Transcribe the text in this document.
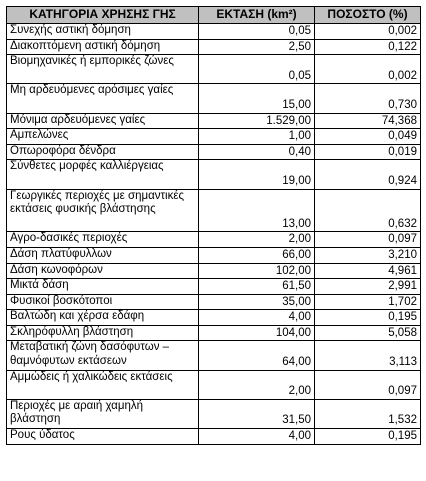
ΚΑΤΗΓΟΡΙΑ ΧΡΗΣΗΣ ΓΗΣ	ΕΚΤΑΣΗ (km²)	ΠΟΣΟΣΤΟ (%)
Συνεχής αστική δόμηση	0,05	0,002
Διακοπτόμενη αστική δόμηση	2,50	0,122
Βιομηχανικές ή εμπορικές ζώνες	0,05	0,002
Μη αρδευόμενες αρόσιμες γαίες	15,00	0,730
Μόνιμα αρδευόμενες γαίες	1.529,00	74,368
Αμπελώνες	1,00	0,049
Οπωροφόρα δένδρα	0,40	0,019
Σύνθετες μορφές καλλιέργειας	19,00	0,924
Γεωργικές περιοχές με σημαντικές εκτάσεις φυσικής βλάστησης	13,00	0,632
Αγρο-δασικές περιοχές	2,00	0,097
Δάση πλατύφυλλων	66,00	3,210
Δάση κωνοφόρων	102,00	4,961
Μικτά δάση	61,50	2,991
Φυσικοί βοσκότοποι	35,00	1,702
Βαλτώδη και χέρσα εδάφη	4,00	0,195
Σκληρόφυλλη βλάστηση	104,00	5,058
Μεταβατική ζώνη δασόφυτων – θαμνόφυτων εκτάσεων	64,00	3,113
Αμμώδεις ή χαλικώδεις εκτάσεις	2,00	0,097
Περιοχές με αραιή χαμηλή βλάστηση	31,50	1,532
Ρους ύδατος	4,00	0,195
